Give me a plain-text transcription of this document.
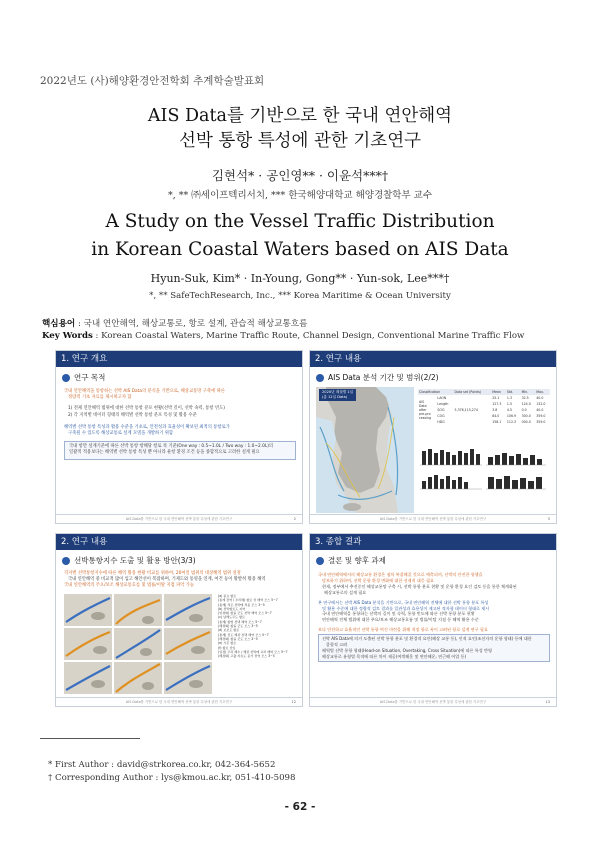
2022년도 (사)해양환경안전학회 추계학술발표회
AIS Data를 기반으로 한 국내 연안해역
선박 통항 특성에 관한 기초연구
김현석* · 공인영** · 이윤석***†
*, ** ㈜세이프텍리서치, *** 한국해양대학교 해양경찰학부 교수
A Study on the Vessel Traffic Distribution
in Korean Coastal Waters based on AIS Data
Hyun-Suk, Kim* · In-Young, Gong** · Yun-sok, Lee***†
*, ** SafeTechResearch, Inc., *** Korea Maritime & Ocean University
핵심용어 : 국내 연안해역, 해상교통로, 항로 설계, 관습적 해상교통흐름
Key Words : Korean Coastal Waters, Marine Traffic Route, Channel Design, Conventional Marine Traffic Flow
1. 연구 개요
연구 목적
국내 연안해역을 통항하는 선박 AIS Data의 분석을 기반으로, 해상교통망 구축에 따른
정량적 기초 자료를 제시하고자 함
1) 전체 연안해역 범위에 대한 선박 통항 분포 현황(선박 길이, 선박 속력, 통항 빈도)
2) 각 지역별 데이터 형태의 해역별 선박 통항 분포 특성 및 활용 수준
해역별 선박 통항 특성과 활용 수준을 기초로, 안전성과 효율성이 확보된 최적의 통항로가
구축될 수 있도록 해상교통로 설계 모델을 개발하기 위함
국내 항만 설계기준에 따른 선박 통항 항해당 항로 폭 기준(One way : 0.5~1.0L / Two way : 1.0~2.0L)의
일괄적 적용보다는 해역별 선박 통항 특성 뿐 아니라 운항 환경 조건 등을 종합적으로 고려한 설계 필요
AIS Data를 기반으로 한 국내 연안해역 선박 통항 특성에 관한 기초연구	2
2. 연구 내용
AIS Data 분석 기간 및 범위(2/2)
2020년 계절별 1일
(총 12일 Data)
Classification		Data set (Points)	Mean	Std.	Min.	Max.

AIS
Data
after
pre-pro
cessing	LAON		25.1	1.3	32.5	40.0
	Length		127.3	1.5	124.0	132.0
	SOG	5,376,115,274	3.8	4.5	0.0	40.0
	COG		84.0	106.9	300.0	359.0
	HDG		158.1	112.3	000.0	359.0
AIS Data를 기반으로 한 국내 연안해역 선박 통항 특성에 관한 기초연구	5
2. 연구 내용
선박통항지수 도출 및 활용 방안(3/3)
격자별 선박통항지수에 따른 해역 활용 현황 비교를 위하여, 20여일 범위의 대상해역 범위 설정
국내 연안해역 중 비교적 많이 입고 해안선이 복잡하며, 거제도와 통영을 연계, 여건 등이 활발히 활용 해역
국내 연안해역의 주요/보조 해상교통흐름 및 법률/이탈 지점 파악 가능
(a) 중요 항로
(통계 전역 / 우리해) 항로 상 해역 모스 5~7
(통계) 적은 선박에 적용 모스 3~5
(b) 선박항로도 지역
(일정화) 항을 군도 선박 해역 모스 5~7
(c) 남해도주도 항로
(통계) 항법 선택 해역 모스 5~7
(해정화) 항을 군도 모스 3~5
(d) 보조도 항로
(통계) 전도 해관 선택 해역 모스 5~7
(해정화) 항을 군도 모스 3~5
(e) 기존 항로
(f) 항로 진입
(일정) 주차 해수 / 해관 선박에 교차 해역 모스 5~7
(해정화) 고출 자유도 증가 전역 모스 3~5
AIS Data를 기반으로 한 국내 연안해역 선박 통항 특성에 관한 기초연구	12
3. 종합 결과
결론 및 향후 과제
국내 연안해역에서의 해상교통 환경은 점차 복잡해질 것으로 예측되며, 선박의 안전한 항행을
담보하기 위하여, 선박 운항 환경 변화에 대한 선제적 대응 필요
현재, 정부에서 추진중인 해상교통망 구축 시, 선박 통항 분포 현황 및 운항 환경 요건 검토 등을 통한 체계화된
해상교통로의 설계 필요
본 연구에서는 선박 AIS Data 분석을 기반으로, 국내 연안해역 전체에 대한 선박 통항 분포 특성
및 활용 수준에 대한 정량적 검토 결과를 일관성과 효용성이 제고된 격자형 데이터 형태로 제시
국내 연안해역을 통항하는 선박의 길이 및 속력, 통항 빈도에 따른 선박 통항 분포 현황
연안해역 전체 범위에 대한 주요/보조 해상교통흐름 및 법률/이탈 지점 등 해역 활용 수준
보다 안전하고 효율적인 선박 통항 여건 마련을 위해 적정 항로 폭이 고려된 항로 설계 연구 필요
선박 AIS Data에 의거 도출된 선박 통항 분포 및 환경적 요인(해상 교통 등), 인적 요인(조선자의 운항 형태) 등에 대한
종합적 고려
해역별 선박 통항 형태(Head-on Situation, Overtaking, Cross Situation)에 따른 특성 반영
해상교통로 유형별 목적에 따른 차이 제공(여객해운 및 연안해운, 연근해 어업 등)
AIS Data를 기반으로 한 국내 연안해역 선박 통항 특성에 관한 기초연구	13
* First Author : david@strkorea.co.kr, 042-364-5652
† Corresponding Author : lys@kmou.ac.kr, 051-410-5098
- 62 -
